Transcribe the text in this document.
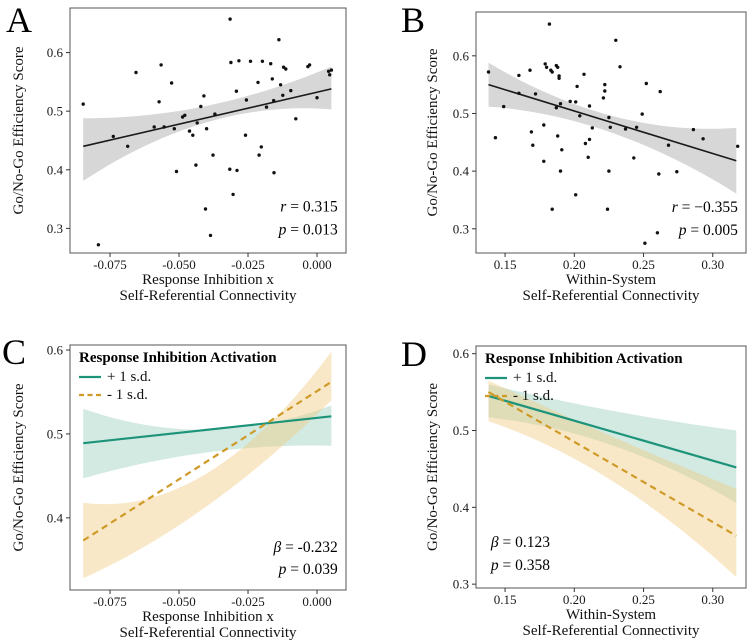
A
-0.075	-0.050	-0.025	0.000
Response Inhibition x
Self-Referential Connectivity
0.3
0.4
0.5
0.6
Go/No-Go Efficiency Score	r = 0.315
p = 0.013
B
0.15	0.20	0.25	0.30
Within-System
Self-Referential Connectivity
0.3
0.4
0.5
0.6
Go/No-Go Efficiency Score	r = −0.355
p = 0.005
C
-0.075	-0.050	-0.025	0.000
Response Inhibition x
Self-Referential Connectivity
0.4
0.5
0.6
Go/No-Go Efficiency Score
Response Inhibition Activation
+ 1 s.d.
- 1 s.d.
β = -0.232
p = 0.039
D
0.15	0.20	0.25	0.30
Within-System
Self-Referential Connectivity
0.3
0.4
0.5
0.6
Go/No-Go Efficiency Score
Response Inhibition Activation
+ 1 s.d.
- 1 s.d.
β = 0.123
p = 0.358
